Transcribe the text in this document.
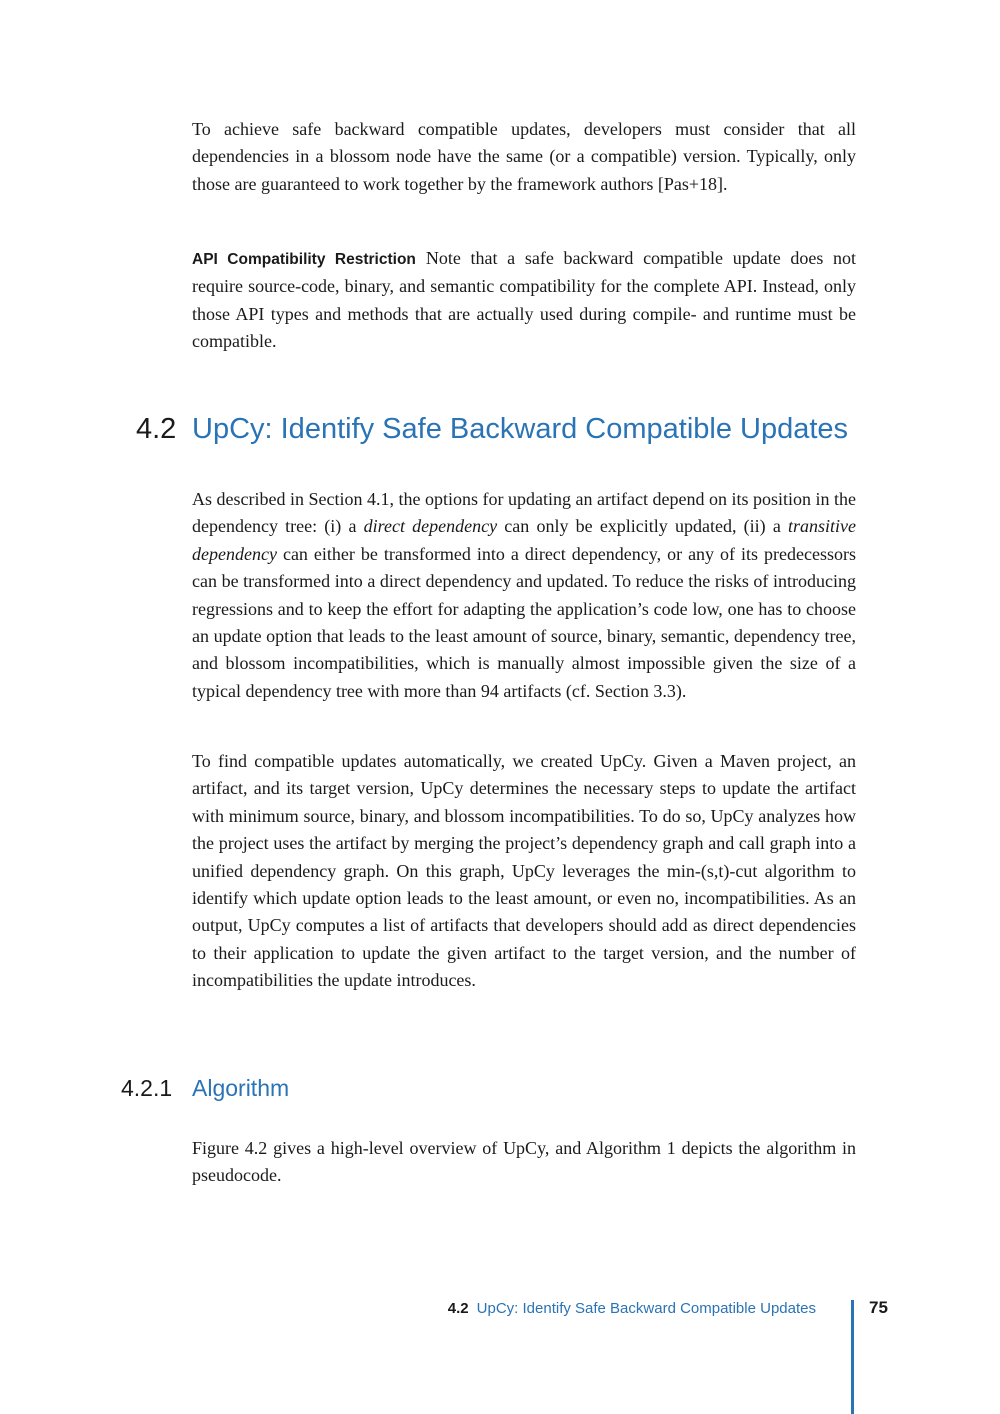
To achieve safe backward compatible updates, developers must consider that all dependencies in a blossom node have the same (or a compatible) version. Typically, only those are guaranteed to work together by the framework authors [Pas+18].

API Compatibility Restriction Note that a safe backward compatible update does not require source-code, binary, and semantic compatibility for the complete API. Instead, only those API types and methods that are actually used during compile- and runtime must be compatible.

4.2 UpCy: Identify Safe Backward Compatible Updates

As described in Section 4.1, the options for updating an artifact depend on its position in the dependency tree: (i) a direct dependency can only be explicitly updated, (ii) a transitive dependency can either be transformed into a direct dependency, or any of its predecessors can be transformed into a direct dependency and updated. To reduce the risks of introducing regressions and to keep the effort for adapting the application’s code low, one has to choose an update option that leads to the least amount of source, binary, semantic, dependency tree, and blossom incompatibilities, which is manually almost impossible given the size of a typical dependency tree with more than 94 artifacts (cf. Section 3.3).

To find compatible updates automatically, we created UpCy. Given a Maven project, an artifact, and its target version, UpCy determines the necessary steps to update the artifact with minimum source, binary, and blossom incompatibilities. To do so, UpCy analyzes how the project uses the artifact by merging the project’s dependency graph and call graph into a unified dependency graph. On this graph, UpCy leverages the min-(s,t)-cut algorithm to identify which update option leads to the least amount, or even no, incompatibilities. As an output, UpCy computes a list of artifacts that developers should add as direct dependencies to their application to update the given artifact to the target version, and the number of incompatibilities the update introduces.

4.2.1 Algorithm

Figure 4.2 gives a high-level overview of UpCy, and Algorithm 1 depicts the algorithm in pseudocode.

4.2 UpCy: Identify Safe Backward Compatible Updates	75
